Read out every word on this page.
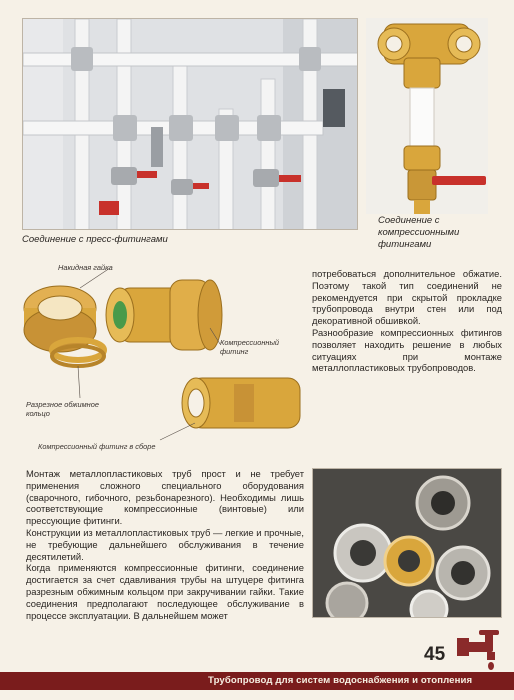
Соединение с пресс-фитингами
Соединение с компрессионными фитингами
Накидная гайка
Компрессионный фитинг
Разрезное обжимное кольцо
Компрессионный фитинг в сборе

потребоваться дополнительное обжатие. Поэтому такой тип соединений не рекомендуется при скрытой прокладке трубопровода внутри стен или под декоративной обшивкой.

Разнообразие компрессионных фитингов позволяет находить решение в любых ситуациях при монтаже металлопластиковых трубопроводов.

Монтаж металлопластиковых труб прост и не требует применения сложного специального оборудования (сварочного, гибочного, резьбонарезного). Необходимы лишь соответствующие компрессионные (винтовые) или прессующие фитинги.

Конструкции из металлопластиковых труб — легкие и прочные, не требующие дальнейшего обслуживания в течение десятилетий.

Когда применяются компрессионные фитинги, соединение достигается за счет сдавливания трубы на штуцере фитинга разрезным обжимным кольцом при закручивании гайки. Такие соединения предполагают последующее обслуживание в процессе эксплуатации. В дальнейшем может

45
Трубопровод для систем водоснабжения и отопления
